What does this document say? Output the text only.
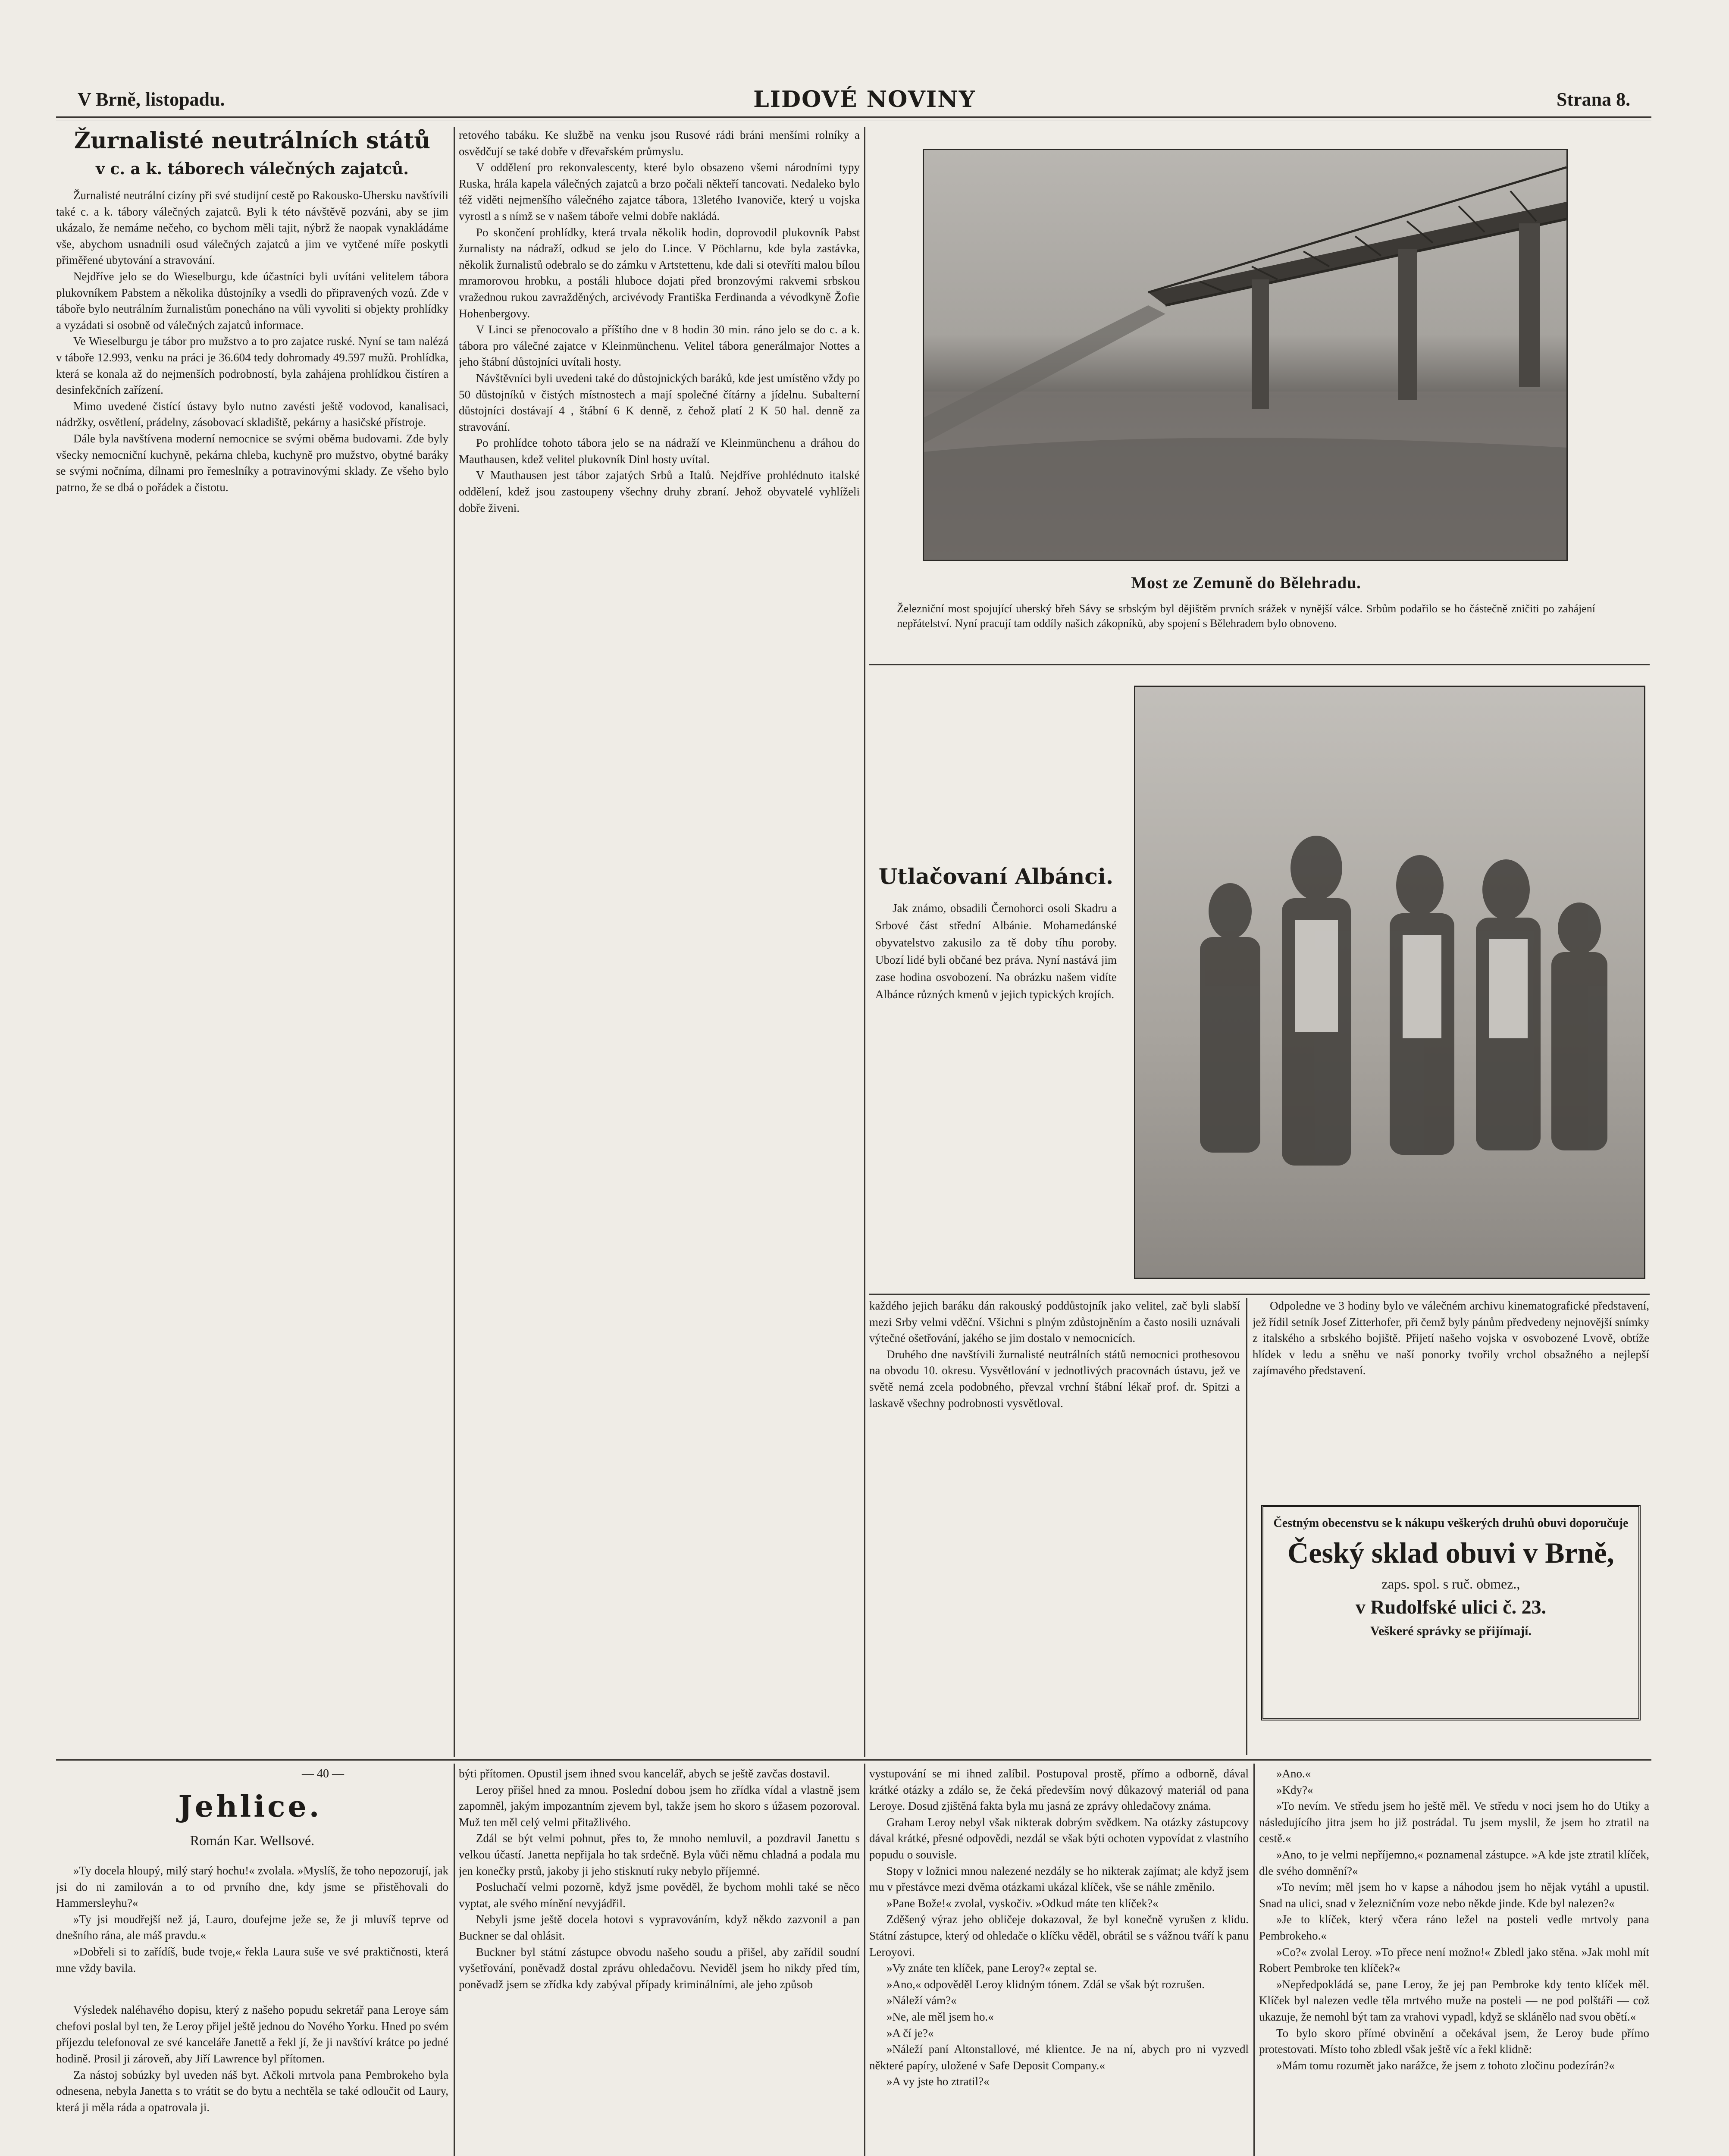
V Brně, listopadu.	LIDOVÉ NOVINY	Strana 8.
Žurnalisté neutrálních států
v c. a k. táborech válečných zajatců.

Žurnalisté neutrální cizíny při své studijní cestě po Rakousko-Uhersku navštívili také c. a k. tábory válečných zajatců. Byli k této návštěvě pozváni, aby se jim ukázalo, že nemáme nečeho, co bychom měli tajit, nýbrž že naopak vynakládáme vše, abychom usnadnili osud válečných zajatců a jim ve vytčené míře poskytli přiměřené ubytování a stravování.

Nejdříve jelo se do Wieselburgu, kde účastníci byli uvítáni velitelem tábora plukovníkem Pabstem a několika důstojníky a vsedli do připravených vozů. Zde v táboře bylo neutrálním žurnalistům ponecháno na vůli vyvoliti si objekty prohlídky a vyzádati si osobně od válečných zajatců informace.

Ve Wieselburgu je tábor pro mužstvo a to pro zajatce ruské. Nyní se tam nalézá v táboře 12.993, venku na práci je 36.604 tedy dohromady 49.597 mužů. Prohlídka, která se konala až do nejmenších podrobností, byla zahájena prohlídkou čistíren a desinfekčních zařízení.

Mimo uvedené čistící ústavy bylo nutno zavésti ještě vodovod, kanalisaci, nádržky, osvětlení, prádelny, zásobovací skladiště, pekárny a hasičské přístroje.

Dále byla navštívena moderní nemocnice se svými oběma budovami. Zde byly všecky nemocniční kuchyně, pekárna chleba, kuchyně pro mužstvo, obytné baráky se svými nočníma, dílnami pro řemeslníky a potravinovými sklady. Ze všeho bylo patrno, že se dbá o pořádek a čistotu.

retového tabáku. Ke službě na venku jsou Rusové rádi bráni menšími rolníky a osvědčují se také dobře v dřevařském průmyslu.

V oddělení pro rekonvalescenty, které bylo obsazeno všemi národními typy Ruska, hrála kapela válečných zajatců a brzo počali někteří tancovati. Nedaleko bylo též viděti nejmenšího válečného zajatce tábora, 13letého Ivanoviče, který u vojska vyrostl a s nímž se v našem táboře velmi dobře nakládá.

Po skončení prohlídky, která trvala několik hodin, doprovodil plukovník Pabst žurnalisty na nádraží, odkud se jelo do Lince. V Pöchlarnu, kde byla zastávka, několik žurnalistů odebralo se do zámku v Artstettenu, kde dali si otevříti malou bílou mramorovou hrobku, a postáli hluboce dojati před bronzovými rakvemi srbskou vražednou rukou zavražděných, arcivévody Františka Ferdinanda a vévodkyně Žofie Hohenbergovy.

V Linci se přenocovalo a příštího dne v 8 hodin 30 min. ráno jelo se do c. a k. tábora pro válečné zajatce v Kleinmünchenu. Velitel tábora generálmajor Nottes a jeho štábní důstojníci uvítali hosty.

Návštěvníci byli uvedeni také do důstojnických baráků, kde jest umístěno vždy po 50 důstojníků v čistých místnostech a mají společné čítárny a jídelnu. Subalterní důstojníci dostávají 4 , štábní 6 K denně, z čehož platí 2 K 50 hal. denně za stravování.

Po prohlídce tohoto tábora jelo se na nádraží ve Kleinmünchenu a dráhou do Mauthausen, kdež velitel plukovník Dinl hosty uvítal.

V Mauthausen jest tábor zajatých Srbů a Italů. Nejdříve prohlédnuto italské oddělení, kdež jsou zastoupeny všechny druhy zbraní. Jehož obyvatelé vyhlíželi dobře živeni.

Most ze Zemuně do Bělehradu.

Železniční most spojující uherský břeh Sávy se srbským byl dějištěm prvních srážek v nynější válce. Srbům podařilo se ho částečně zničiti po zahájení nepřátelství. Nyní pracují tam oddíly našich zákopníků, aby spojení s Bělehradem bylo obnoveno.

Utlačovaní Albánci.

Jak známo, obsadili Černohorci osoli Skadru a Srbové část střední Albánie. Mohamedánské obyvatelstvo zakusilo za tě doby tíhu poroby. Ubozí lidé byli občané bez práva. Nyní nastává jim zase hodina osvobození. Na obrázku našem vidíte Albánce různých kmenů v jejich typických krojích.

každého jejich baráku dán rakouský poddůstojník jako velitel, zač byli slabší mezi Srby velmi vděční. Všichni s plným zdůstojněním a často nosili uznávali výtečné ošetřování, jakého se jim dostalo v nemocnicích.

Druhého dne navštívili žurnalisté neutrálních států nemocnici prothesovou na obvodu 10. okresu. Vysvětlování v jednotlivých pracovnách ústavu, jež ve světě nemá zcela podobného, převzal vrchní štábní lékař prof. dr. Spitzi a laskavě všechny podrobnosti vysvětloval.

Odpoledne ve 3 hodiny bylo ve válečném archivu kinematografické představení, jež řídil setník Josef Zitterhofer, při čemž byly pánům předvedeny nejnovější snímky z italského a srbského bojiště. Přijetí našeho vojska v osvobozené Lvově, obtíže hlídek v ledu a sněhu ve naší ponorky tvořily vrchol obsažného a nejlepší zajímavého představení.

Čestným obecenstvu se k nákupu veškerých druhů obuvi doporučuje
Český sklad obuvi v Brně,
zaps. spol. s ruč. obmez.,
v Rudolfské ulici č. 23.
Veškeré správky se přijímají.
— 40 —
Jehlice.
Román Kar. Wellsové.

»Ty docela hloupý, milý starý hochu!« zvolala. »Myslíš, že toho nepozorují, jak jsi do ni zamilován a to od prvního dne, kdy jsme se přistěhovali do Hammersleyhu?«

»Ty jsi moudřejší než já, Lauro, doufejme ježe se, že ji mluvíš teprve od dnešního rána, ale máš pravdu.«

»Dobřeli si to zařídíš, bude tvoje,« řekla Laura suše ve své praktičnosti, která mne vždy bavila.

Výsledek naléhavého dopisu, který z našeho popudu sekretář pana Leroye sám chefovi poslal byl ten, že Leroy přijel ještě jednou do Nového Yorku. Hned po svém příjezdu telefonoval ze své kanceláře Janettě a řekl jí, že ji navštíví krátce po jedné hodině. Prosil ji zároveň, aby Jiří Lawrence byl přítomen.

Za nástoj sobúzky byl uveden náš byt. Ačkoli mrtvola pana Pembrokeho byla odnesena, nebyla Janetta s to vrátit se do bytu a nechtěla se také odloučit od Laury, která ji měla ráda a opatrovala ji.

býti přítomen. Opustil jsem ihned svou kancelář, abych se ještě zavčas dostavil.

Leroy přišel hned za mnou. Poslední dobou jsem ho zřídka vídal a vlastně jsem zapomněl, jakým impozantním zjevem byl, takže jsem ho skoro s úžasem pozoroval. Muž ten měl celý velmi přitažlivého.

Zdál se být velmi pohnut, přes to, že mnoho nemluvil, a pozdravil Janettu s velkou účastí. Janetta nepřijala ho tak srdečně. Byla vůči němu chladná a podala mu jen konečky prstů, jakoby ji jeho stisknutí ruky nebylo příjemné.

Posluchačí velmi pozorně, když jsme pověděl, že bychom mohli také se něco vyptat, ale svého mínění nevyjádřil.

Nebyli jsme ještě docela hotovi s vypravováním, když někdo zazvonil a pan Buckner se dal ohlásit.

Buckner byl státní zástupce obvodu našeho soudu a přišel, aby zařídil soudní vyšetřování, poněvadž dostal zprávu ohledačovu. Neviděl jsem ho nikdy před tím, poněvadž jsem se zřídka kdy zabýval případy kriminálními, ale jeho způsob

vystupování se mi ihned zalíbil. Postupoval prostě, přímo a odborně, dával krátké otázky a zdálo se, že čeká především nový důkazový materiál od pana Leroye. Dosud zjištěná fakta byla mu jasná ze zprávy ohledačovy známa.

Graham Leroy nebyl však nikterak dobrým svědkem. Na otázky zástupcovy dával krátké, přesné odpovědi, nezdál se však býti ochoten vypovídat z vlastního popudu o souvisle.

Stopy v ložnici mnou nalezené nezdály se ho nikterak zajímat; ale když jsem mu v přestávce mezi dvěma otázkami ukázal klíček, vše se náhle změnilo.

»Pane Bože!« zvolal, vyskočiv. »Odkud máte ten klíček?«

Zděšený výraz jeho obličeje dokazoval, že byl konečně vyrušen z klidu. Státní zástupce, který od ohledače o klíčku věděl, obrátil se s vážnou tváří k panu Leroyovi.

»Vy znáte ten klíček, pane Leroy?« zeptal se.

»Ano,« odpověděl Leroy klidným tónem. Zdál se však být rozrušen.

»Náleží vám?«

»Ne, ale měl jsem ho.«

»A čí je?«

»Náleží paní Altonstallové, mé klientce. Je na ní, abych pro ni vyzvedl některé papíry, uložené v Safe Deposit Company.«

»A vy jste ho ztratil?«

»Ano.«

»Kdy?«

»To nevím. Ve středu jsem ho ještě měl. Ve středu v noci jsem ho do Utiky a následujícího jitra jsem ho již postrádal. Tu jsem myslil, že jsem ho ztratil na cestě.«

»Ano, to je velmi nepříjemno,« poznamenal zástupce. »A kde jste ztratil klíček, dle svého domnění?«

»To nevím; měl jsem ho v kapse a náhodou jsem ho nějak vytáhl a upustil. Snad na ulici, snad v železničním voze nebo někde jinde. Kde byl nalezen?«

»Je to klíček, který včera ráno ležel na posteli vedle mrtvoly pana Pembrokeho.«

»Co?« zvolal Leroy. »To přece není možno!« Zbledl jako stěna. »Jak mohl mít Robert Pembroke ten klíček?«

»Nepředpokládá se, pane Leroy, že jej pan Pembroke kdy tento klíček měl. Klíček byl nalezen vedle těla mrtvého muže na posteli — ne pod polštáři — což ukazuje, že nemohl být tam za vrahovi vypadl, když se sklánělo nad svou obětí.«

To bylo skoro přímé obvinění a očekával jsem, že Leroy bude přímo protestovati. Místo toho zbledl však ještě víc a řekl klidně:

»Mám tomu rozumět jako narážce, že jsem z tohoto zločinu podezírán?«
